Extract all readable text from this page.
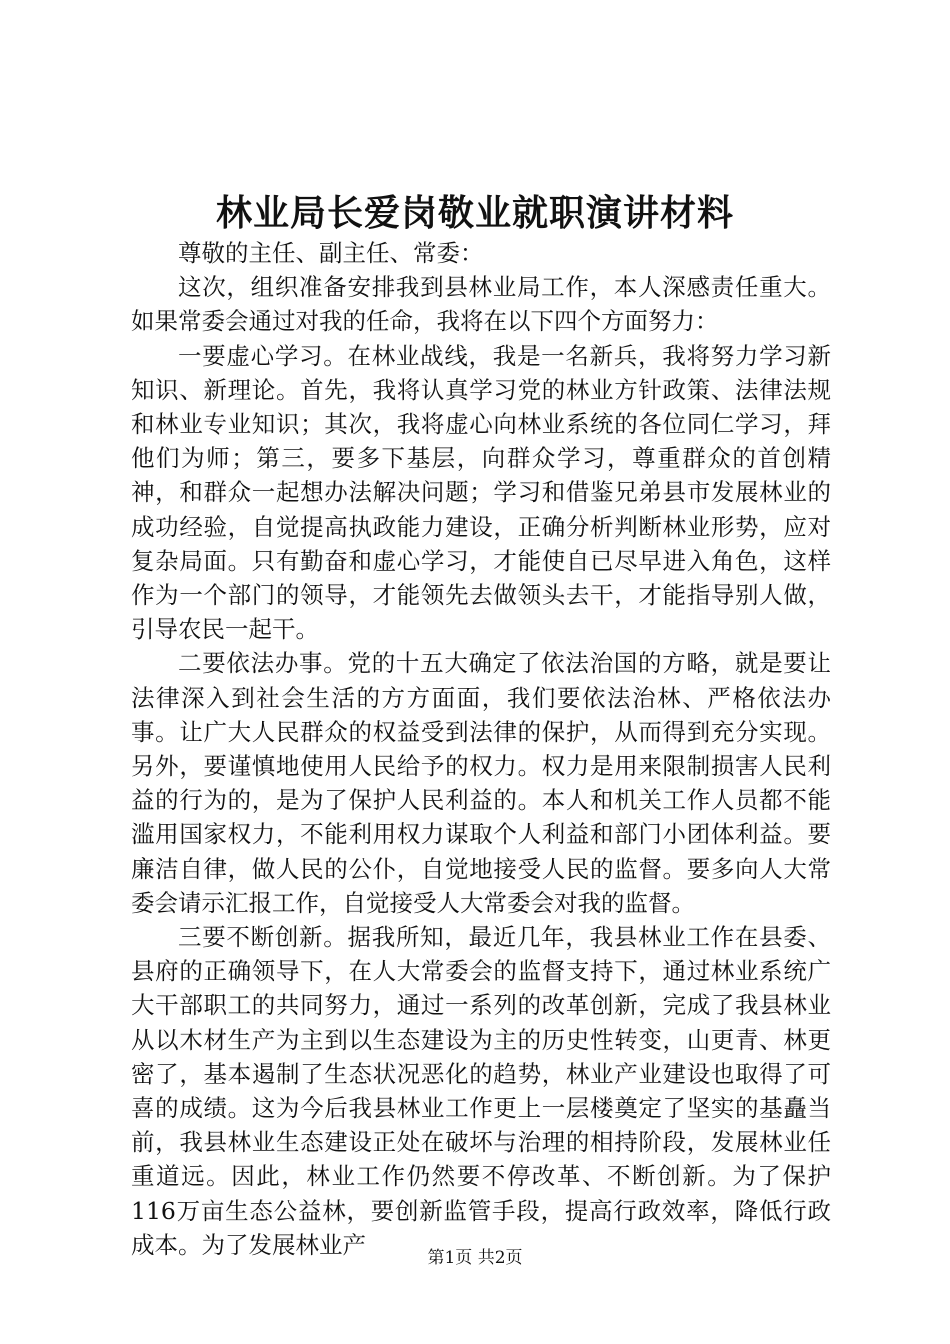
林业局长爱岗敬业就职演讲材料

尊敬的主任、副主任、常委：

这次，组织准备安排我到县林业局工作，本人深感责任重大。如果常委会通过对我的任命，我将在以下四个方面努力：

一要虚心学习。在林业战线，我是一名新兵，我将努力学习新知识、新理论。首先，我将认真学习党的林业方针政策、法律法规和林业专业知识；其次，我将虚心向林业系统的各位同仁学习，拜他们为师；第三，要多下基层，向群众学习，尊重群众的首创精神，和群众一起想办法解决问题；学习和借鉴兄弟县市发展林业的成功经验，自觉提高执政能力建设，正确分析判断林业形势，应对复杂局面。只有勤奋和虚心学习，才能使自已尽早进入角色，这样作为一个部门的领导，才能领先去做领头去干，才能指导别人做，引导农民一起干。

二要依法办事。党的十五大确定了依法治国的方略，就是要让法律深入到社会生活的方方面面，我们要依法治林、严格依法办事。让广大人民群众的权益受到法律的保护，从而得到充分实现。另外，要谨慎地使用人民给予的权力。权力是用来限制损害人民利益的行为的，是为了保护人民利益的。本人和机关工作人员都不能滥用国家权力，不能利用权力谋取个人利益和部门小团体利益。要廉洁自律，做人民的公仆，自觉地接受人民的监督。要多向人大常委会请示汇报工作，自觉接受人大常委会对我的监督。

三要不断创新。据我所知，最近几年，我县林业工作在县委、县府的正确领导下，在人大常委会的监督支持下，通过林业系统广大干部职工的共同努力，通过一系列的改革创新，完成了我县林业从以木材生产为主到以生态建设为主的历史性转变，山更青、林更密了，基本遏制了生态状况恶化的趋势，林业产业建设也取得了可喜的成绩。这为今后我县林业工作更上一层楼奠定了坚实的基矗当前，我县林业生态建设正处在破坏与治理的相持阶段，发展林业任重道远。因此，林业工作仍然要不停改革、不断创新。为了保护116万亩生态公益林，要创新监管手段，提高行政效率，降低行政成本。为了发展林业产	第1页 共2页
